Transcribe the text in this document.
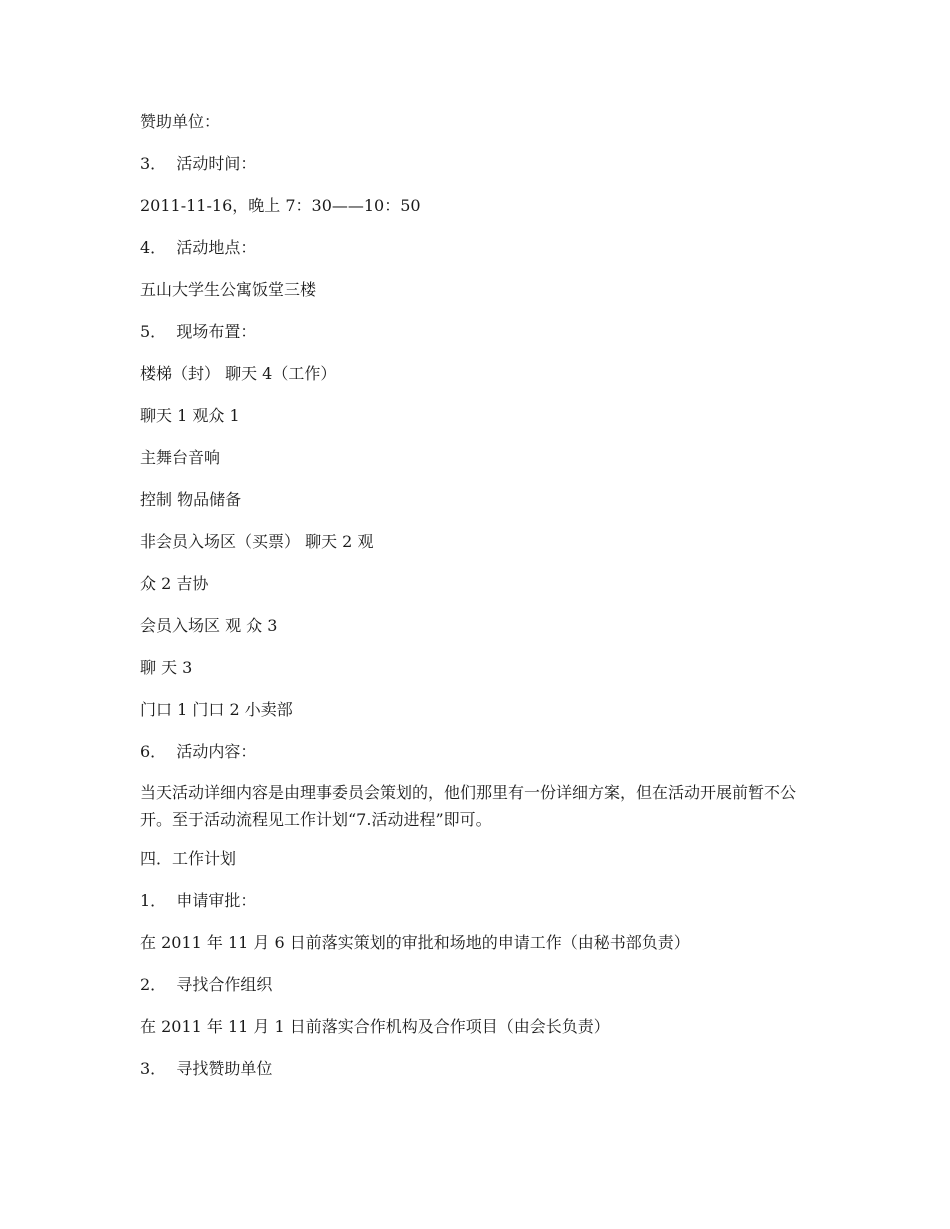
赞助单位：

3．  活动时间：

2011-11-16，晚上 7：30——10：50

4．  活动地点：

五山大学生公寓饭堂三楼

5．  现场布置：

楼梯（封） 聊天 4（工作）

聊天 1 观众 1

主舞台音响

控制 物品储备

非会员入场区（买票） 聊天 2 观

众 2 吉协

会员入场区 观 众 3

聊 天 3

门口 1 门口 2 小卖部

6．  活动内容：

当天活动详细内容是由理事委员会策划的，他们那里有一份详细方案，但在活动开展前暂不公开。至于活动流程见工作计划“7.活动进程”即可。

四．工作计划

1．  申请审批：

在 2011 年 11 月 6 日前落实策划的审批和场地的申请工作（由秘书部负责）

2．  寻找合作组织

在 2011 年 11 月 1 日前落实合作机构及合作项目（由会长负责）

3．  寻找赞助单位
